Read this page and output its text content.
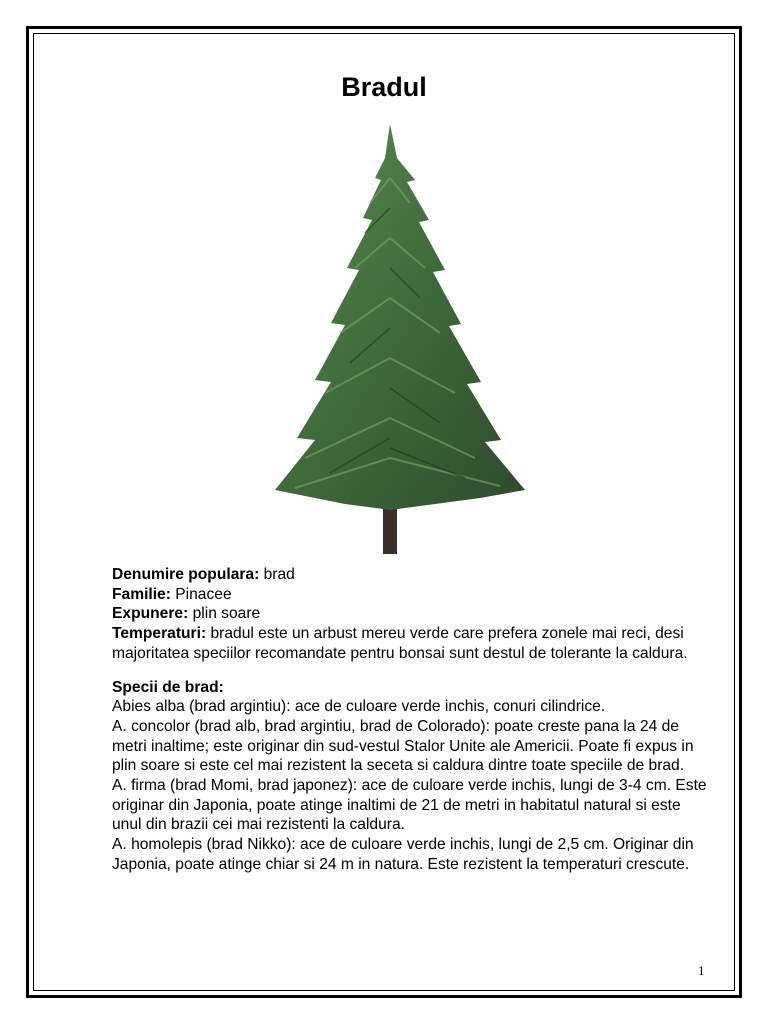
Bradul

Denumire populara: brad

Familie: Pinacee

Expunere: plin soare

Temperaturi: bradul este un arbust mereu verde care prefera zonele mai reci, desi majoritatea speciilor recomandate pentru bonsai sunt destul de tolerante la caldura.

Specii de brad:

Abies alba (brad argintiu): ace de culoare verde inchis, conuri cilindrice.

A. concolor (brad alb, brad argintiu, brad de Colorado): poate creste pana la 24 de metri inaltime; este originar din sud-vestul Stalor Unite ale Americii. Poate fi expus in plin soare si este cel mai rezistent la seceta si caldura dintre toate speciile de brad.

A. firma (brad Momi, brad japonez): ace de culoare verde inchis, lungi de 3-4 cm. Este originar din Japonia, poate atinge inaltimi de 21 de metri in habitatul natural si este unul din brazii cei mai rezistenti la caldura.

A. homolepis (brad Nikko): ace de culoare verde inchis, lungi de 2,5 cm. Originar din Japonia, poate atinge chiar si 24 m in natura. Este rezistent la temperaturi crescute.

1
